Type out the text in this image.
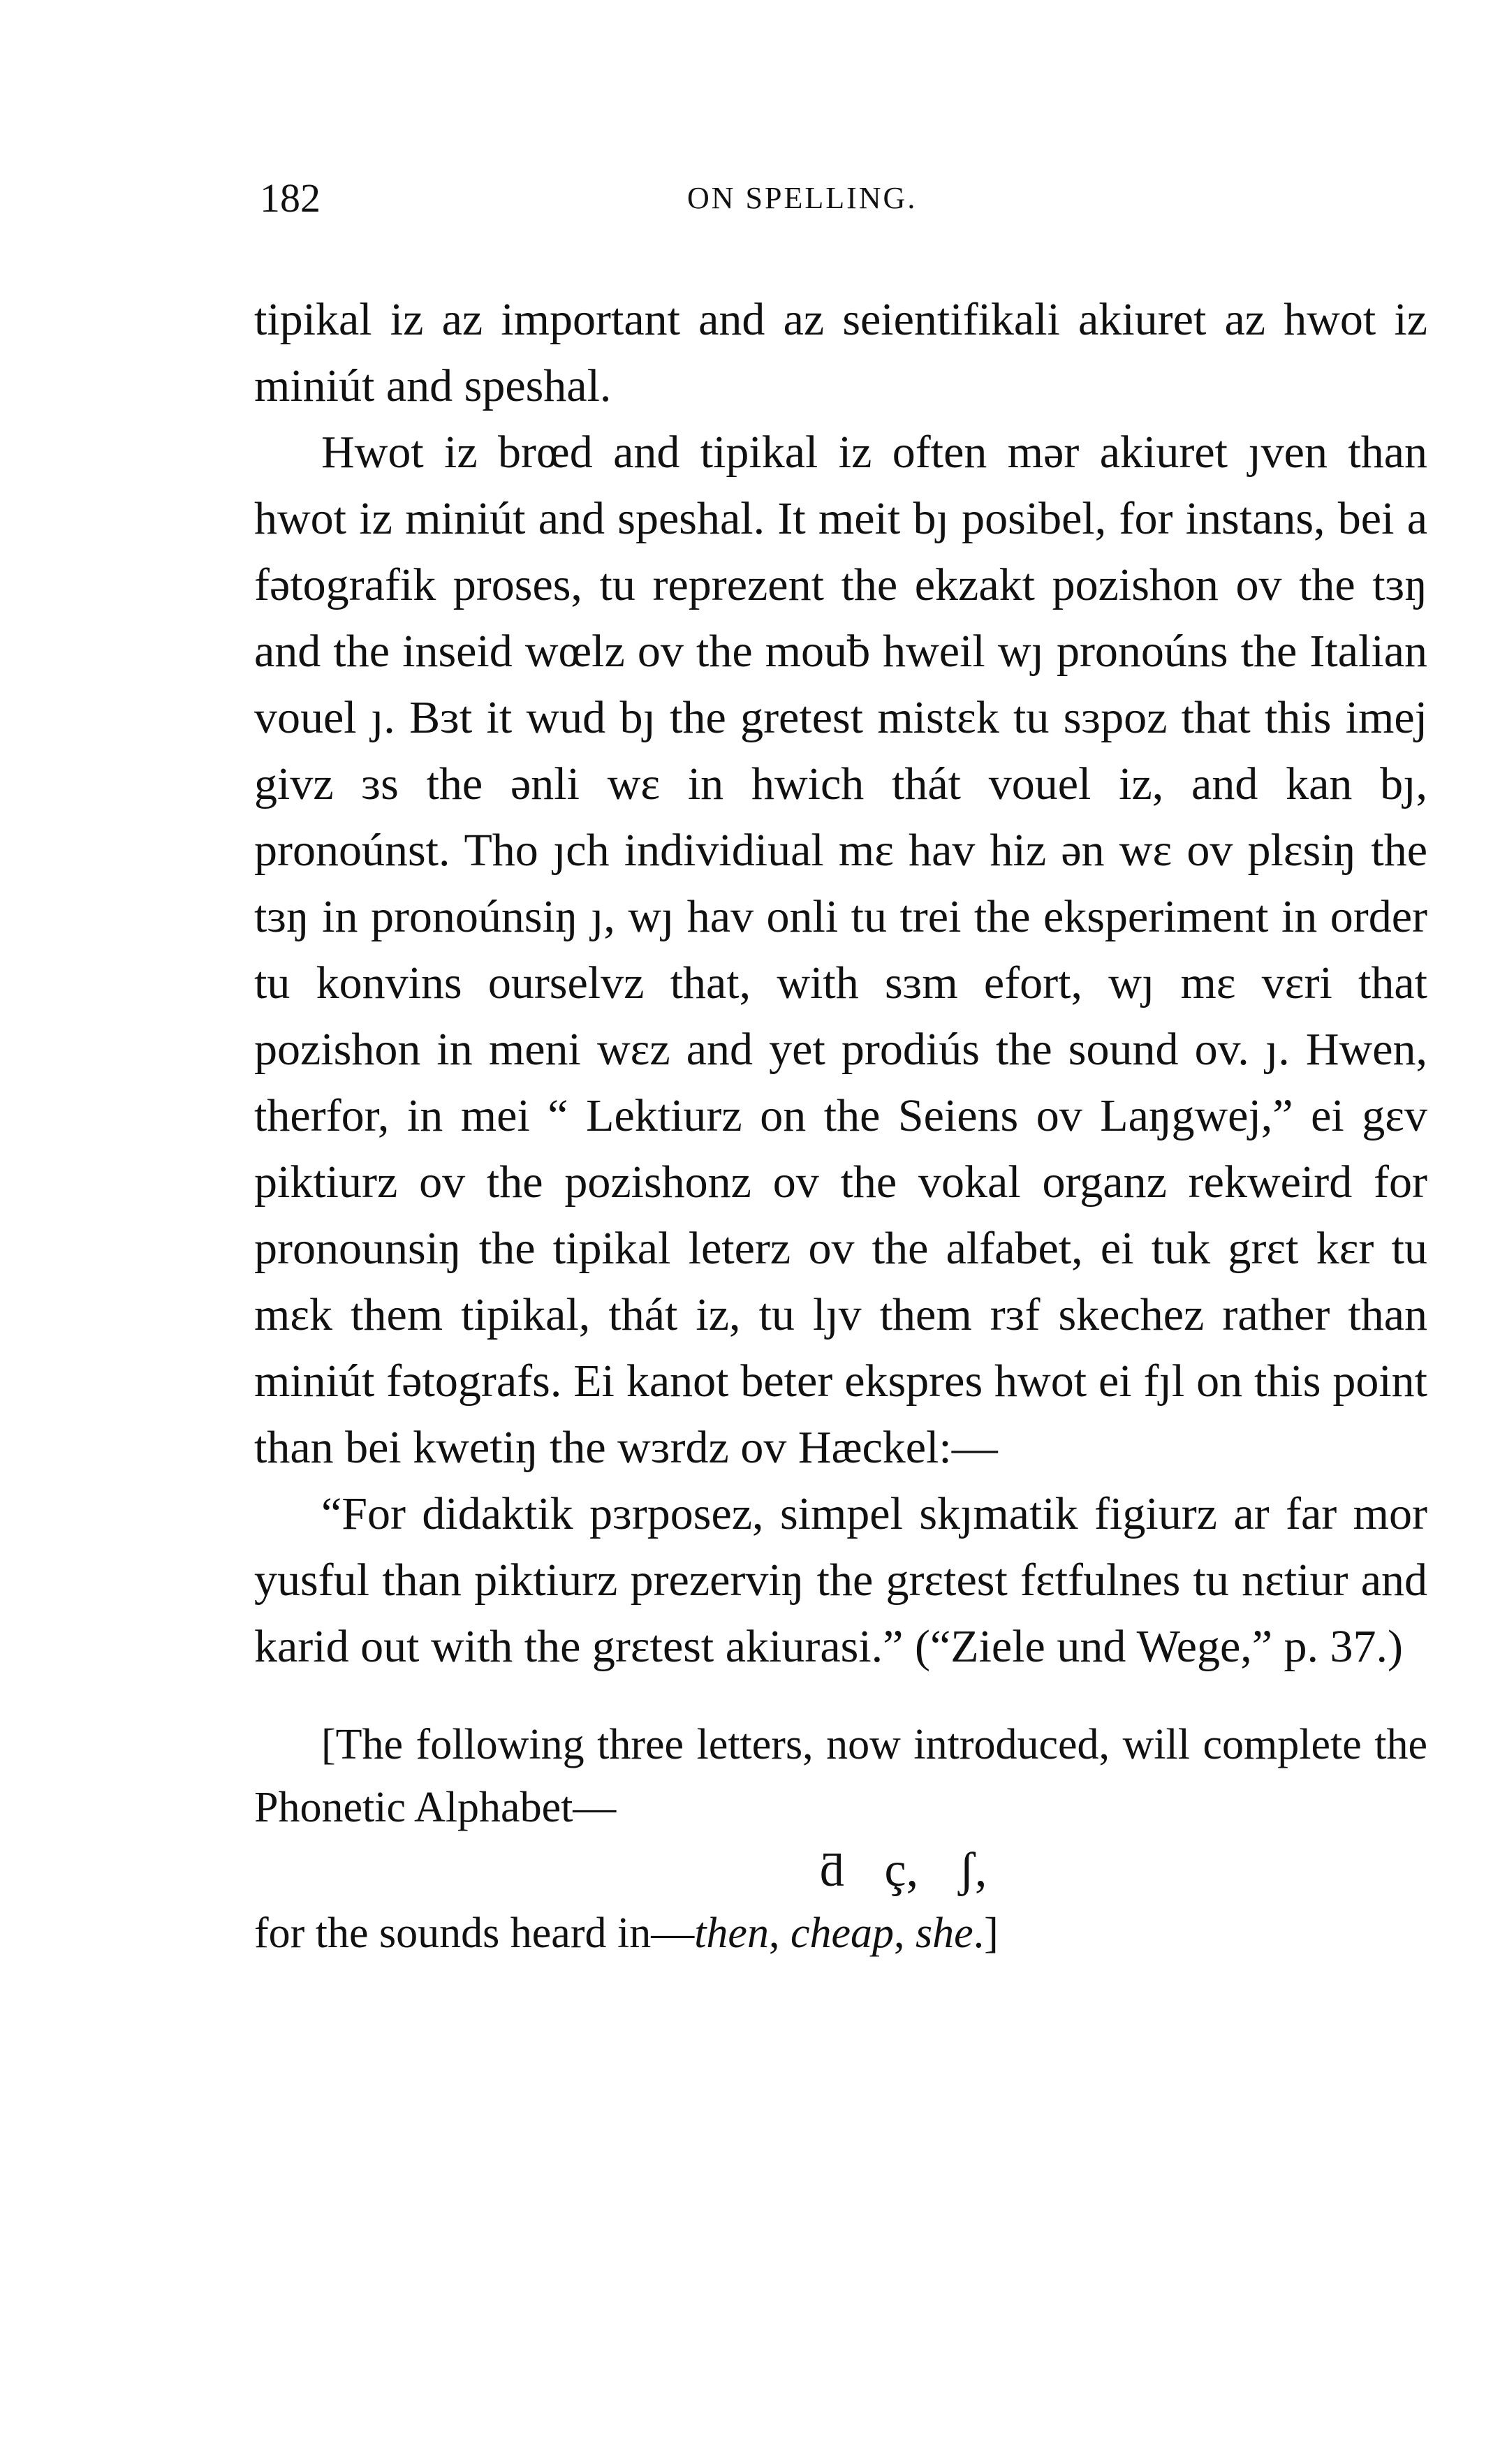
182	ON SPELLING.

tipikal iz az important and az seientifikali akiuret az hwot iz miniút and speshal.

Hwot iz brœd and tipikal iz often mər akiuret ȷven than hwot iz miniút and speshal. It meit bȷ posibel, for instans, bei a fətografik proses, tu reprezent the ekzakt pozishon ov the tɜŋ and the inseid wœlz ov the mouƀ hweil wȷ pronoúns the Italian vouel ȷ. Bɜt it wud bȷ the gretest mistɛk tu sɜpoz that this imej givz ɜs the ənli wɛ in hwich thát vouel iz, and kan bȷ, pronoúnst. Tho ȷch individiual mɛ hav hiz ən wɛ ov plɛsiŋ the tɜŋ in pronoúnsiŋ ȷ, wȷ hav onli tu trei the eksperiment in order tu konvins ourselvz that, with sɜm efort, wȷ mɛ vɛri that pozishon in meni wɛz and yet prodiús the sound ov. ȷ. Hwen, therfor, in mei “ Lektiurz on the Seiens ov Laŋgwej,” ei gɛv piktiurz ov the pozishonz ov the vokal organz rekweird for pronounsiŋ the tipikal leterz ov the alfabet, ei tuk grɛt kɛr tu mɛk them tipikal, thát iz, tu lȷv them rɜf skechez rather than miniút fətografs. Ei kanot beter ekspres hwot ei fȷl on this point than bei kwetiŋ the wɜrdz ov Hæckel:—

“For didaktik pɜrposez, simpel skȷmatik figiurz ar far mor yusful than piktiurz prezerviŋ the grɛtest fɛtfulnes tu nɛtiur and karid out with the grɛtest akiurasi.” (“Ziele und Wege,” p. 37.)

[The following three letters, now introduced, will complete the Phonetic Alphabet—

ƌ ç, ʃ,

for the sounds heard in—then, cheap, she.]
